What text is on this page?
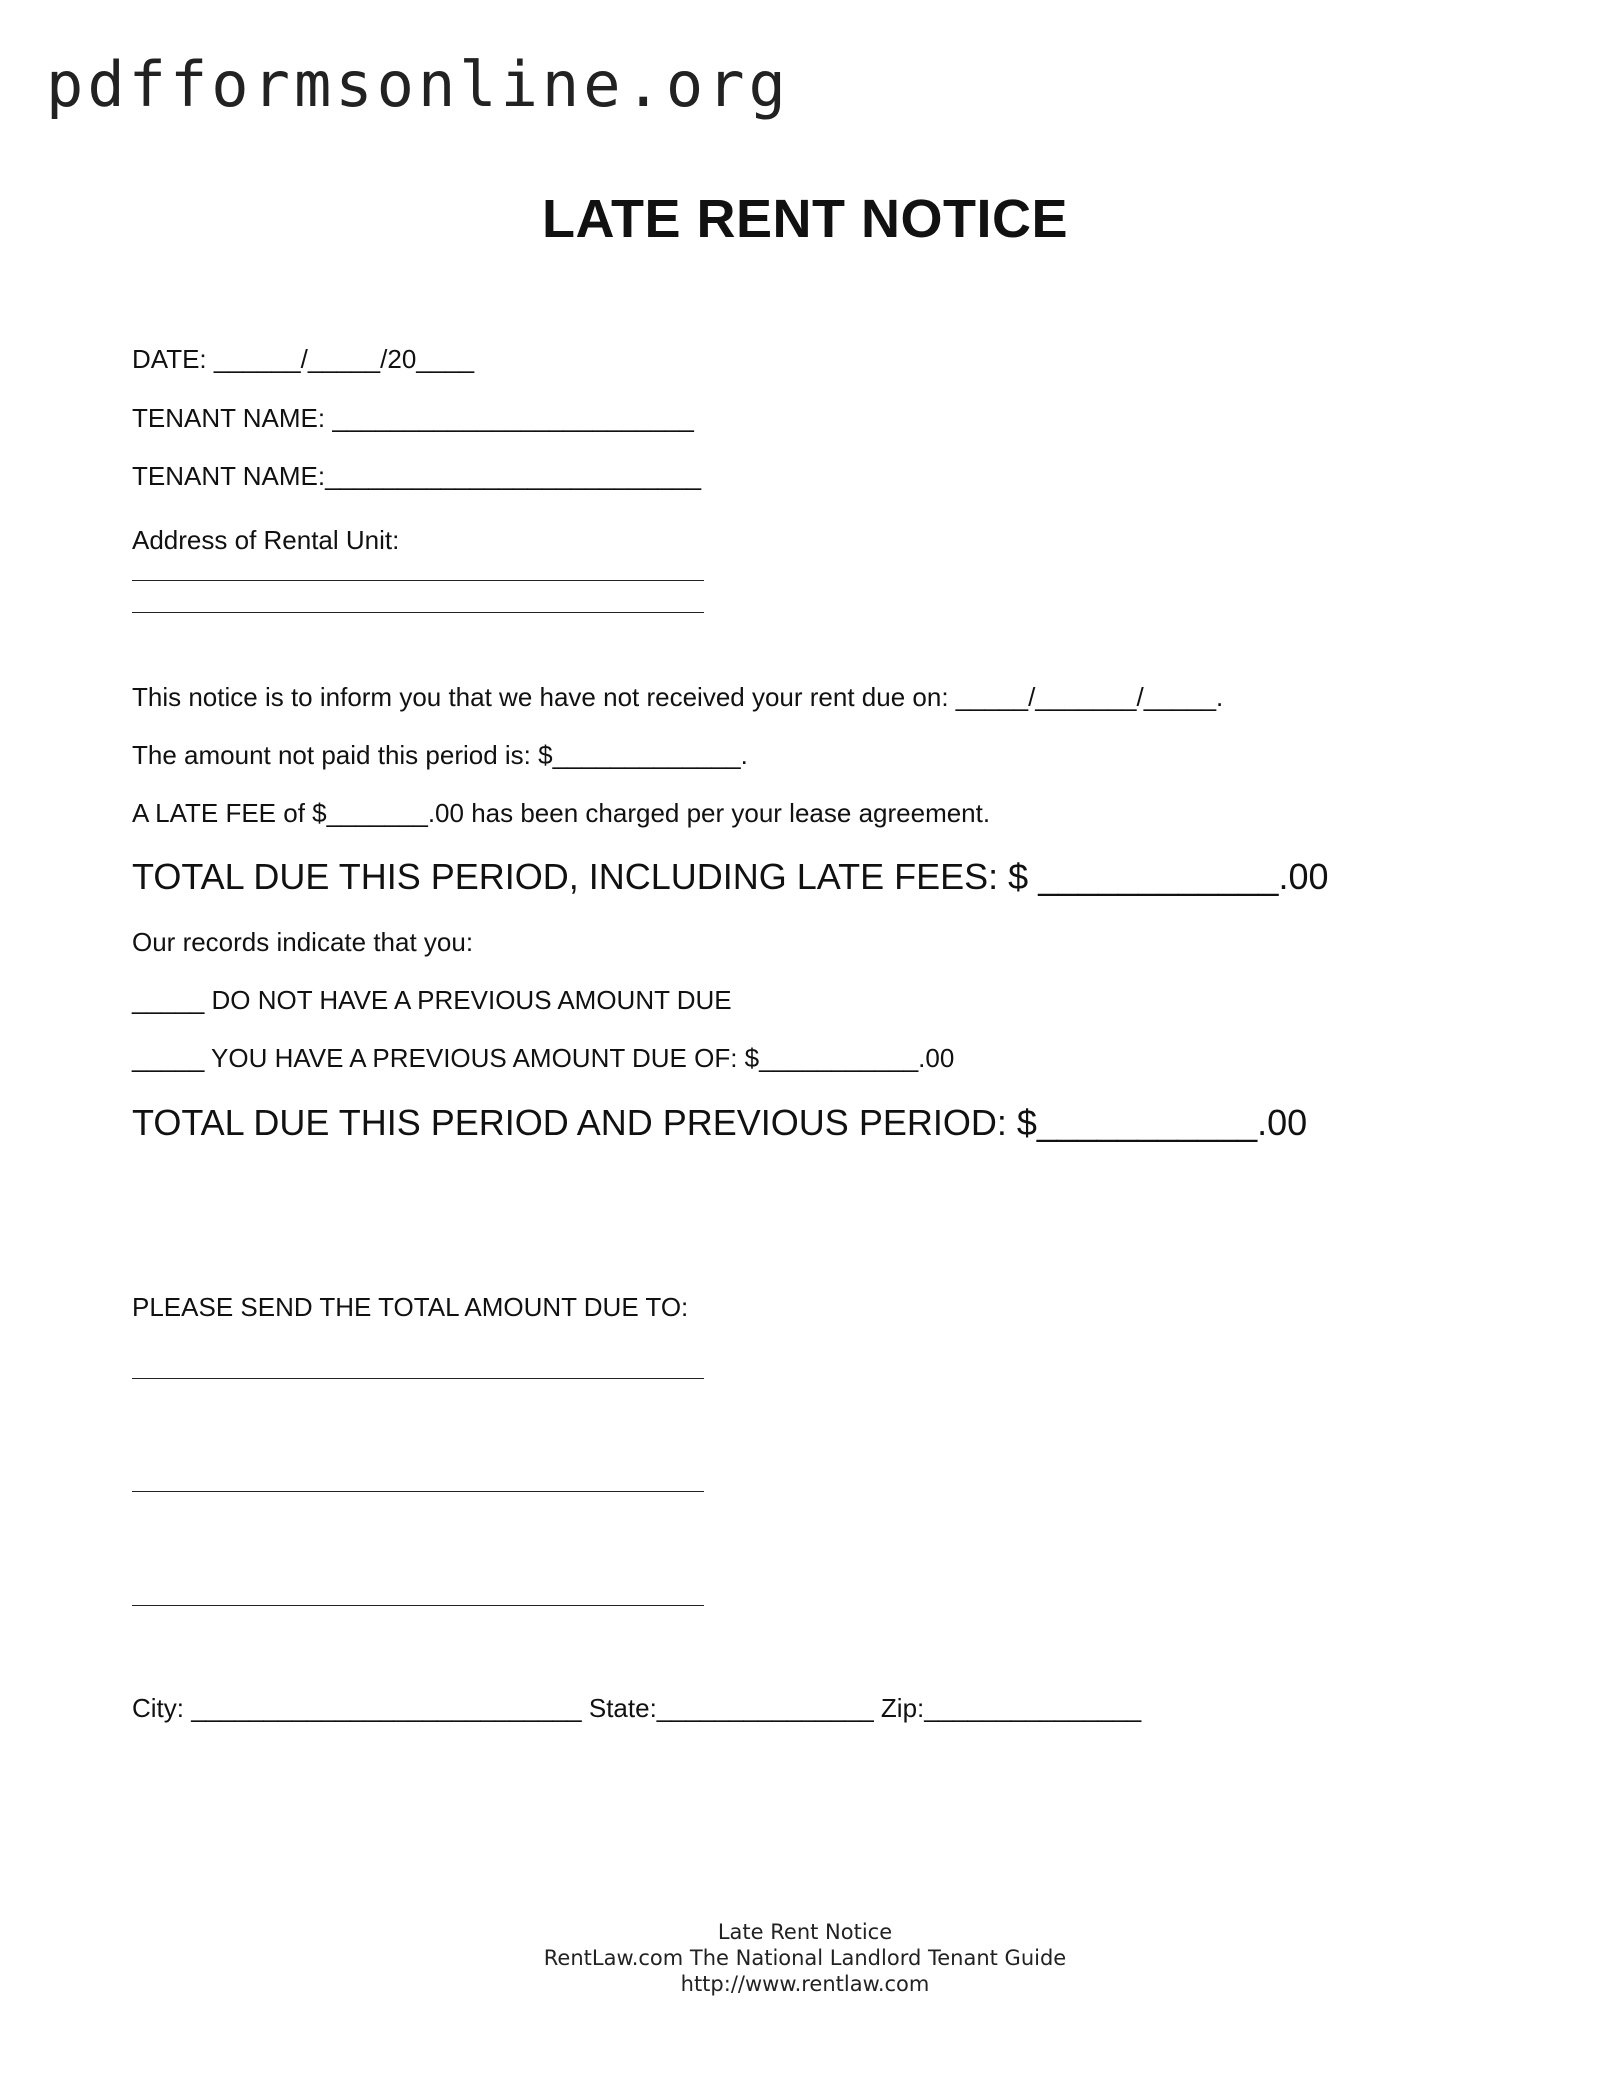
pdfformsonline.org
LATE RENT NOTICE
DATE: ______/_____/20____
TENANT NAME: _________________________
TENANT NAME:__________________________
Address of Rental Unit:
This notice is to inform you that we have not received your rent due on: _____/_______/_____.
The amount not paid this period is: $_____________.
A LATE FEE of $_______.00 has been charged per your lease agreement.
TOTAL DUE THIS PERIOD, INCLUDING LATE FEES: $ ____________.00
Our records indicate that you:
_____ DO NOT HAVE A PREVIOUS AMOUNT DUE
_____ YOU HAVE A PREVIOUS AMOUNT DUE OF: $___________.00
TOTAL DUE THIS PERIOD AND PREVIOUS PERIOD: $___________.00
PLEASE SEND THE TOTAL AMOUNT DUE TO:
City: ___________________________ State:_______________ Zip:_______________
Late Rent Notice
RentLaw.com The National Landlord Tenant Guide
http://www.rentlaw.com
